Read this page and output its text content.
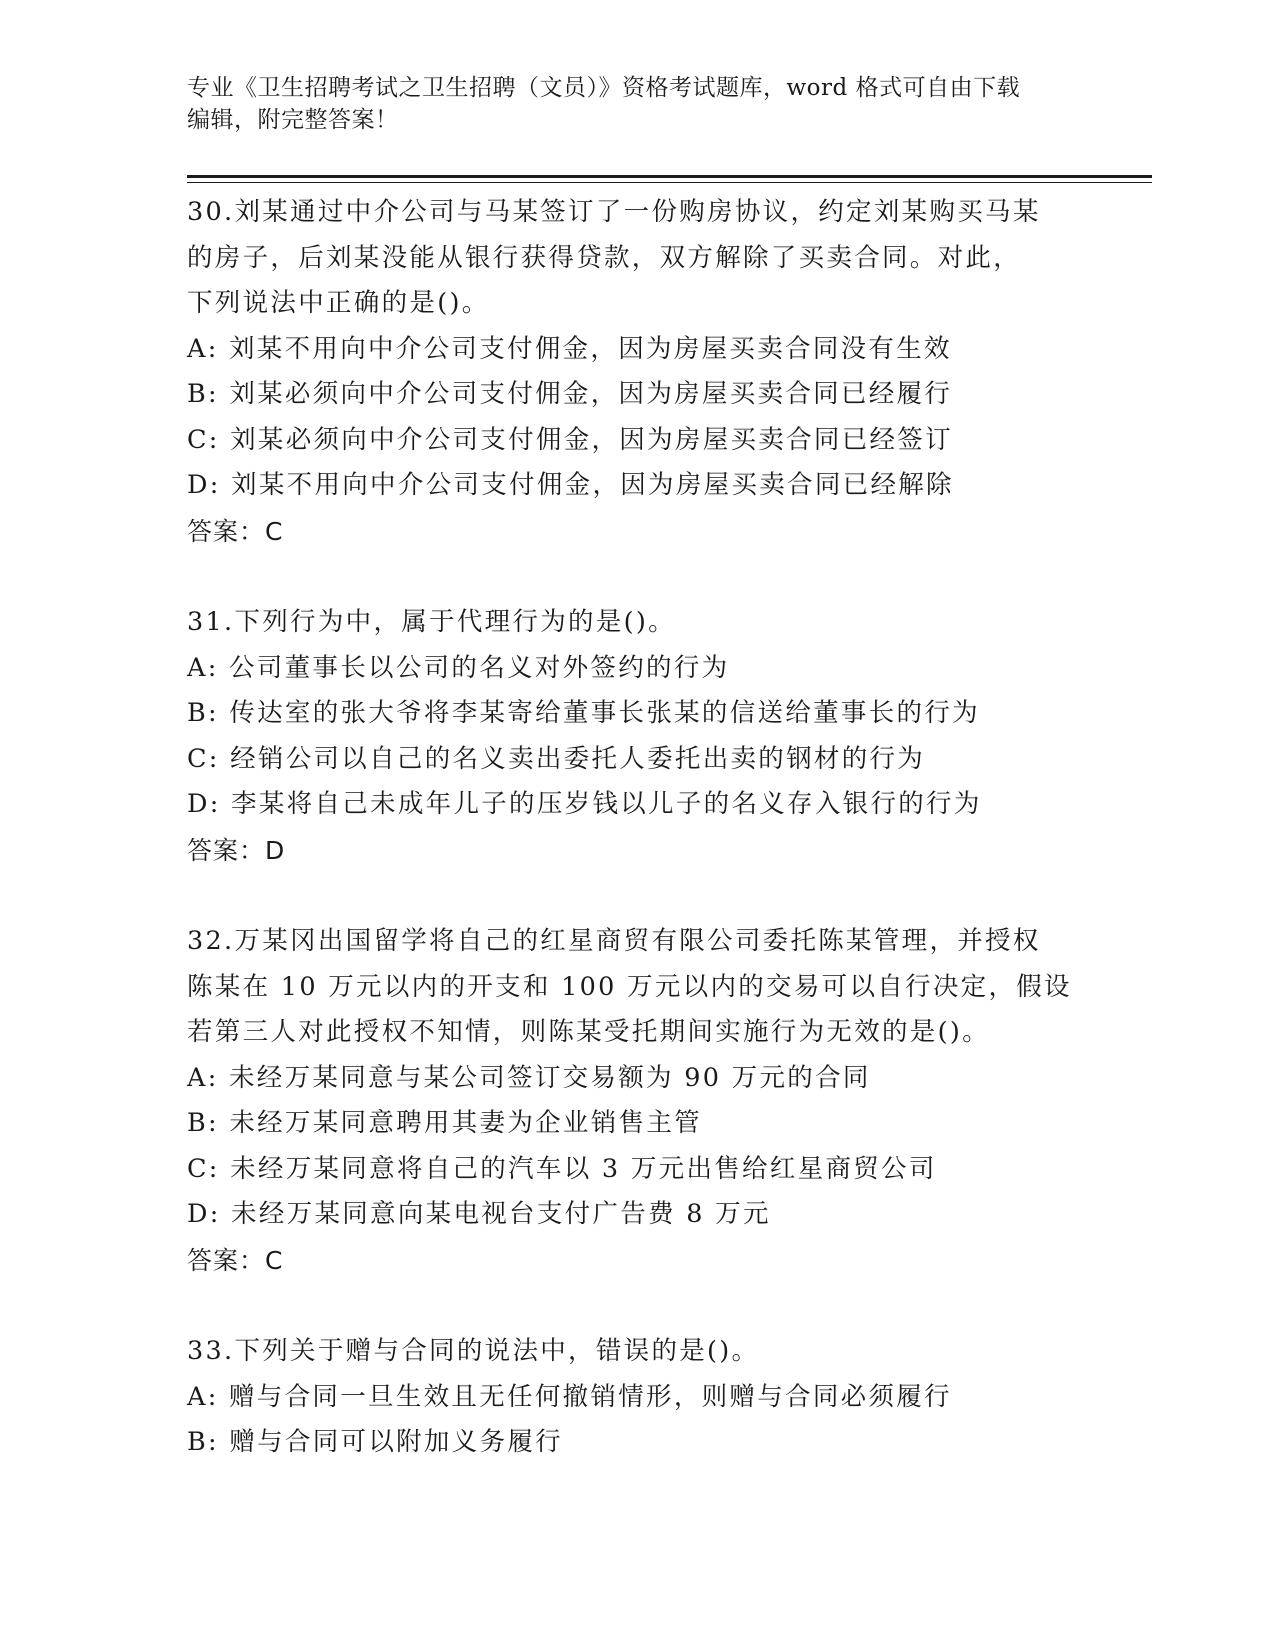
专业《卫生招聘考试之卫生招聘（文员）》资格考试题库，word 格式可自由下载
编辑，附完整答案！
30.刘某通过中介公司与马某签订了一份购房协议，约定刘某购买马某
的房子，后刘某没能从银行获得贷款，双方解除了买卖合同。对此，
下列说法中正确的是()。
A: 刘某不用向中介公司支付佣金，因为房屋买卖合同没有生效
B: 刘某必须向中介公司支付佣金，因为房屋买卖合同已经履行
C: 刘某必须向中介公司支付佣金，因为房屋买卖合同已经签订
D: 刘某不用向中介公司支付佣金，因为房屋买卖合同已经解除
答案：C
31.下列行为中，属于代理行为的是()。
A: 公司董事长以公司的名义对外签约的行为
B: 传达室的张大爷将李某寄给董事长张某的信送给董事长的行为
C: 经销公司以自己的名义卖出委托人委托出卖的钢材的行为
D: 李某将自己未成年儿子的压岁钱以儿子的名义存入银行的行为
答案：D
32.万某冈出国留学将自己的红星商贸有限公司委托陈某管理，并授权
陈某在 10 万元以内的开支和 100 万元以内的交易可以自行决定，假设
若第三人对此授权不知情，则陈某受托期间实施行为无效的是()。
A: 未经万某同意与某公司签订交易额为 90 万元的合同
B: 未经万某同意聘用其妻为企业销售主管
C: 未经万某同意将自己的汽车以 3 万元出售给红星商贸公司
D: 未经万某同意向某电视台支付广告费 8 万元
答案：C
33.下列关于赠与合同的说法中，错误的是()。
A: 赠与合同一旦生效且无任何撤销情形，则赠与合同必须履行
B: 赠与合同可以附加义务履行
